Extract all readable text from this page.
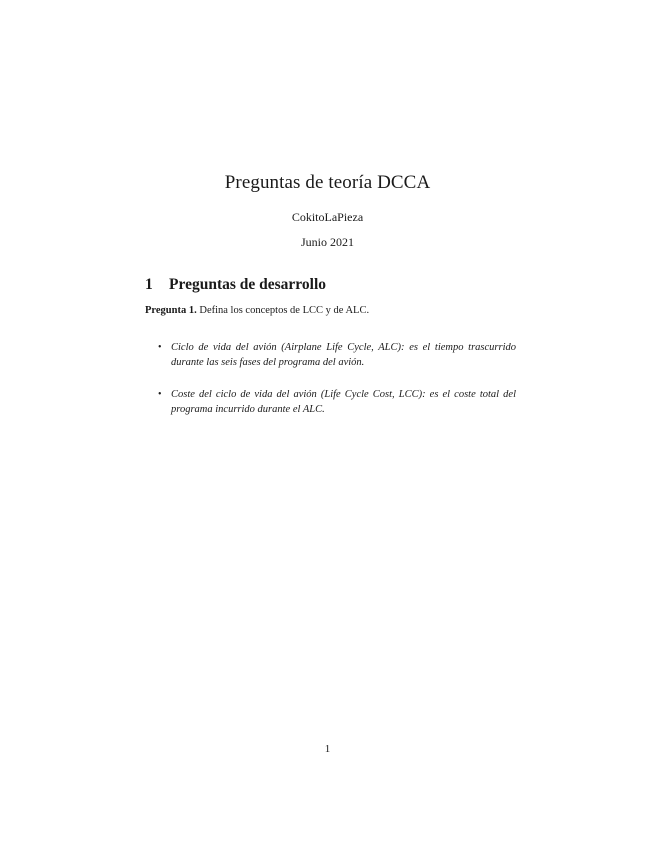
Preguntas de teoría DCCA
CokitoLaPieza
Junio 2021
1	Preguntas de desarrollo
Pregunta 1. Defina los conceptos de LCC y de ALC.
• Ciclo de vida del avión (Airplane Life Cycle, ALC): es el tiempo trascurrido durante las seis fases del programa del avión.
• Coste del ciclo de vida del avión (Life Cycle Cost, LCC): es el coste total del programa incurrido durante el ALC.
1
